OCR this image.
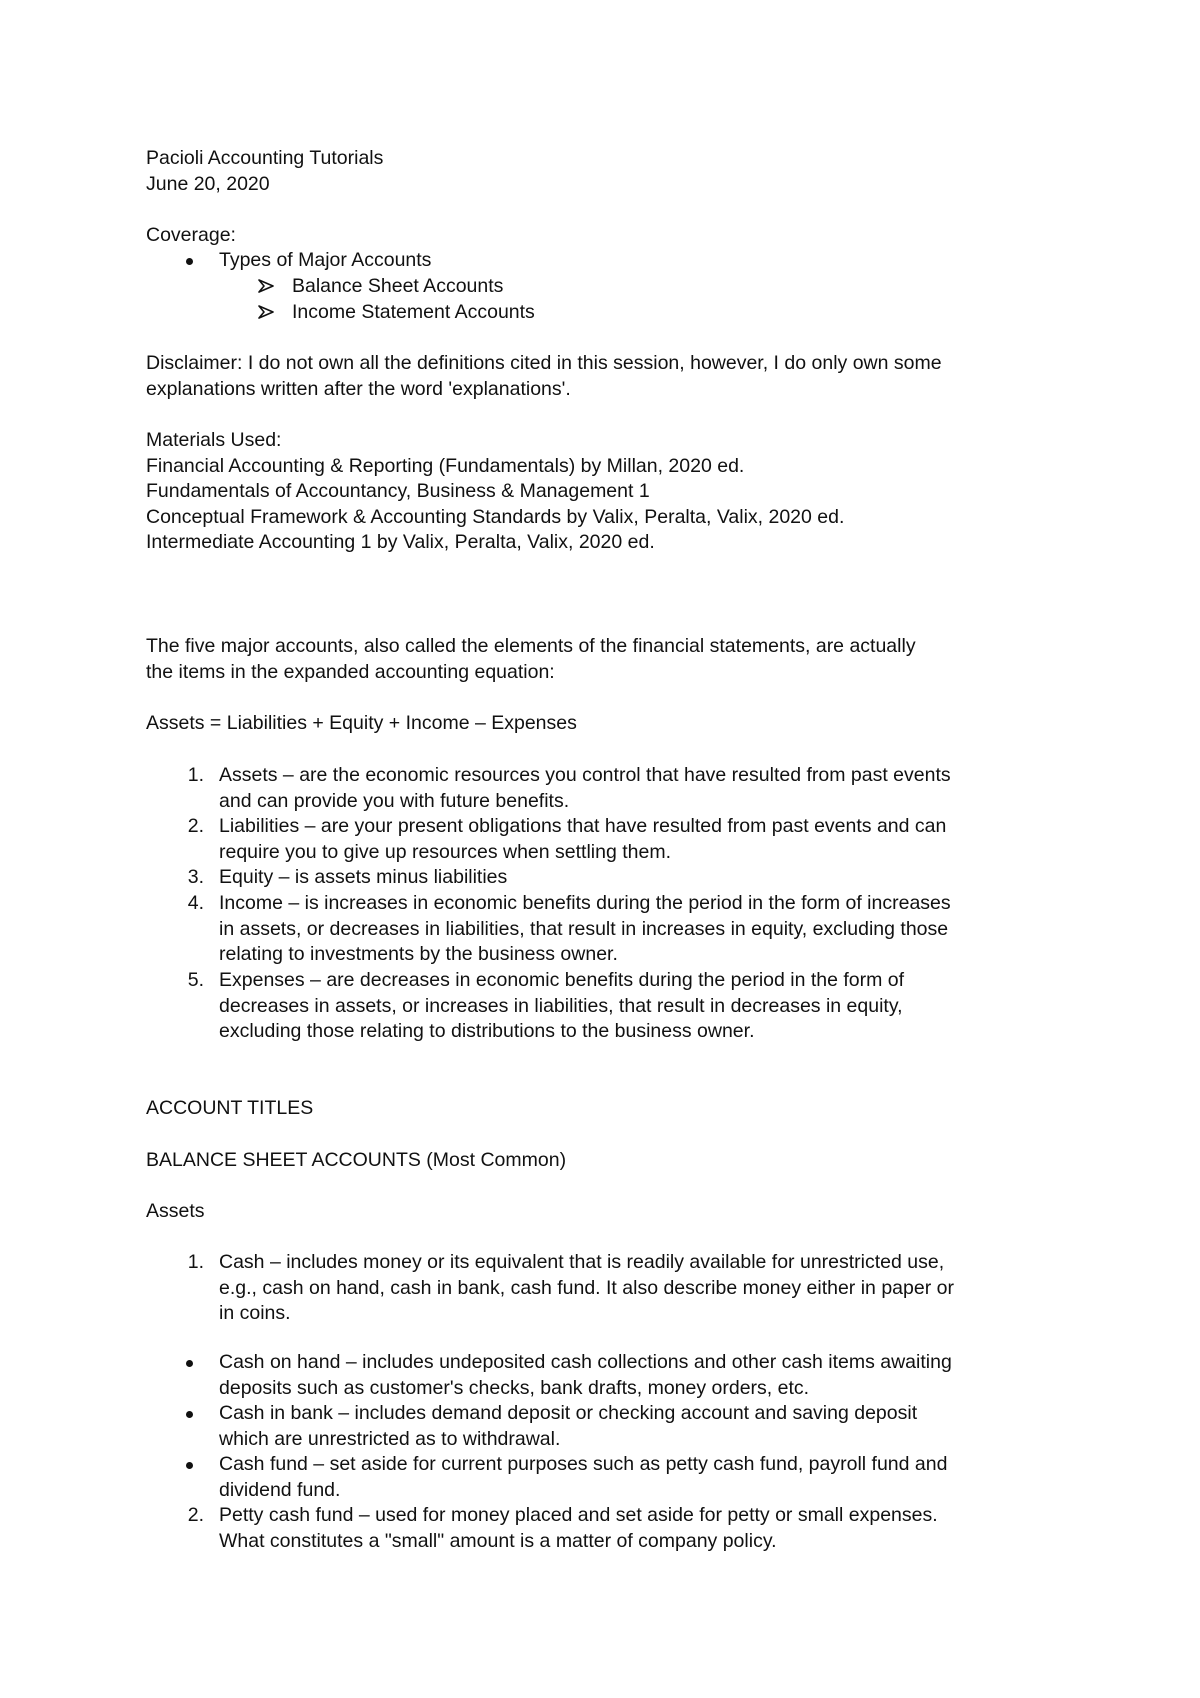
Pacioli Accounting Tutorials
June 20, 2020
Coverage:
Types of Major Accounts
Balance Sheet Accounts
Income Statement Accounts
Disclaimer: I do not own all the definitions cited in this session, however, I do only own some
explanations written after the word 'explanations'.
Materials Used:
Financial Accounting & Reporting (Fundamentals) by Millan, 2020 ed.
Fundamentals of Accountancy, Business & Management 1
Conceptual Framework & Accounting Standards by Valix, Peralta, Valix, 2020 ed.
Intermediate Accounting 1 by Valix, Peralta, Valix, 2020 ed.
The five major accounts, also called the elements of the financial statements, are actually
the items in the expanded accounting equation:
Assets = Liabilities + Equity + Income – Expenses
1. Assets – are the economic resources you control that have resulted from past events
and can provide you with future benefits.
2. Liabilities – are your present obligations that have resulted from past events and can
require you to give up resources when settling them.
3. Equity – is assets minus liabilities
4. Income – is increases in economic benefits during the period in the form of increases
in assets, or decreases in liabilities, that result in increases in equity, excluding those
relating to investments by the business owner.
5. Expenses – are decreases in economic benefits during the period in the form of
decreases in assets, or increases in liabilities, that result in decreases in equity,
excluding those relating to distributions to the business owner.
ACCOUNT TITLES
BALANCE SHEET ACCOUNTS (Most Common)
Assets
1. Cash – includes money or its equivalent that is readily available for unrestricted use,
e.g., cash on hand, cash in bank, cash fund. It also describe money either in paper or
in coins.
Cash on hand – includes undeposited cash collections and other cash items awaiting
deposits such as customer's checks, bank drafts, money orders, etc.
Cash in bank – includes demand deposit or checking account and saving deposit
which are unrestricted as to withdrawal.
Cash fund – set aside for current purposes such as petty cash fund, payroll fund and
dividend fund.
2. Petty cash fund – used for money placed and set aside for petty or small expenses.
What constitutes a "small" amount is a matter of company policy.
